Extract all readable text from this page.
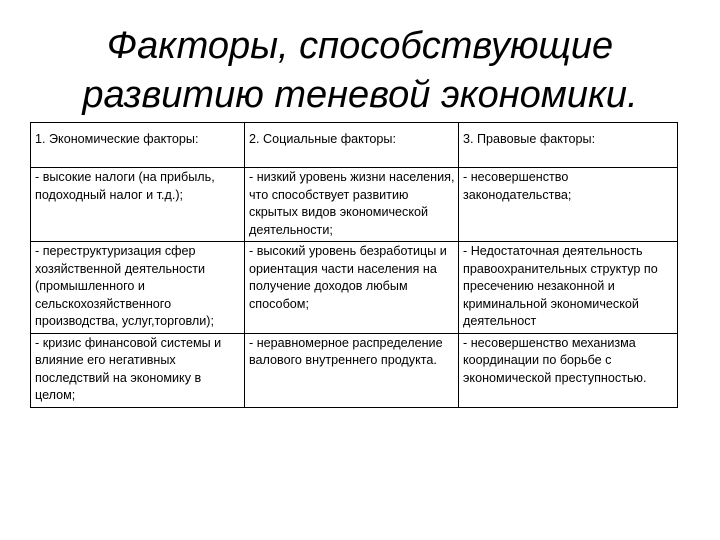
Факторы, способствующие
развитию теневой экономики.
1. Экономические факторы:	2. Социальные факторы:	3. Правовые факторы:
- высокие налоги (на прибыль, подоходный налог и т.д.);	- низкий уровень жизни населения, что способствует развитию скрытых видов экономической деятельности;	- несовершенство законодательства;
- переструктуризация сфер хозяйственной деятельности (промышленного и сельскохозяйственного производства, услуг,торговли);	- высокий уровень безработицы и ориентация части населения на получение доходов любым способом;	- Недостаточная деятельность правоохранительных структур по пресечению незаконной и криминальной экономической деятельност
- кризис финансовой системы и влияние его негативных последствий на экономику в целом;	- неравномерное распределение валового внутреннего продукта.	- несовершенство механизма координации по борьбе с экономической преступностью.
